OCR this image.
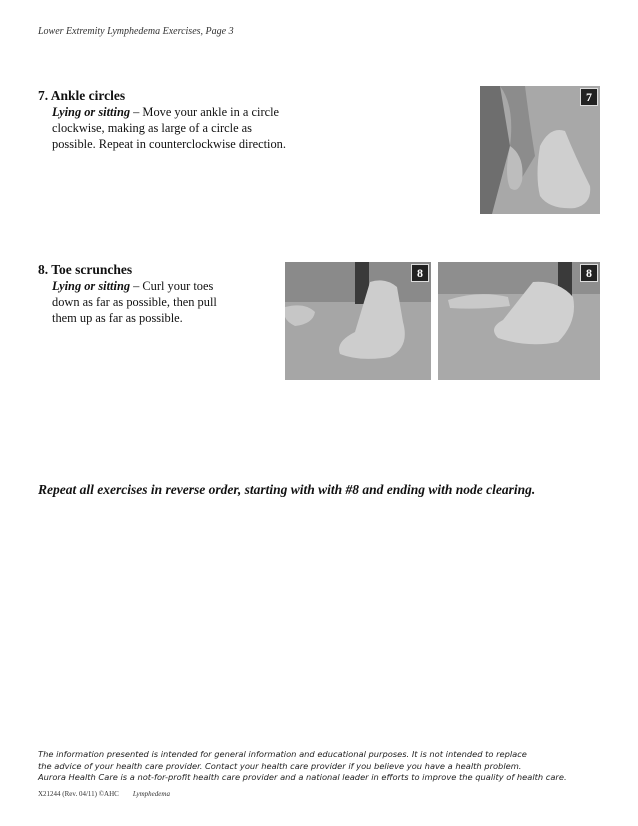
Lower Extremity Lymphedema Exercises, Page 3
7. Ankle circles
Lying or sitting – Move your ankle in a circle
clockwise, making as large of a circle as
possible. Repeat in counterclockwise direction.
7
8. Toe scrunches
Lying or sitting – Curl your toes
down as far as possible, then pull
them up as far as possible.
8	8
Repeat all exercises in reverse order, starting with with #8 and ending with node clearing.
The information presented is intended for general information and educational purposes. It is not intended to replace
the advice of your health care provider. Contact your health care provider if you believe you have a health problem.
Aurora Health Care is a not-for-profit health care provider and a national leader in efforts to improve the quality of health care.
X21244 (Rev. 04/11) ©AHC Lymphedema
